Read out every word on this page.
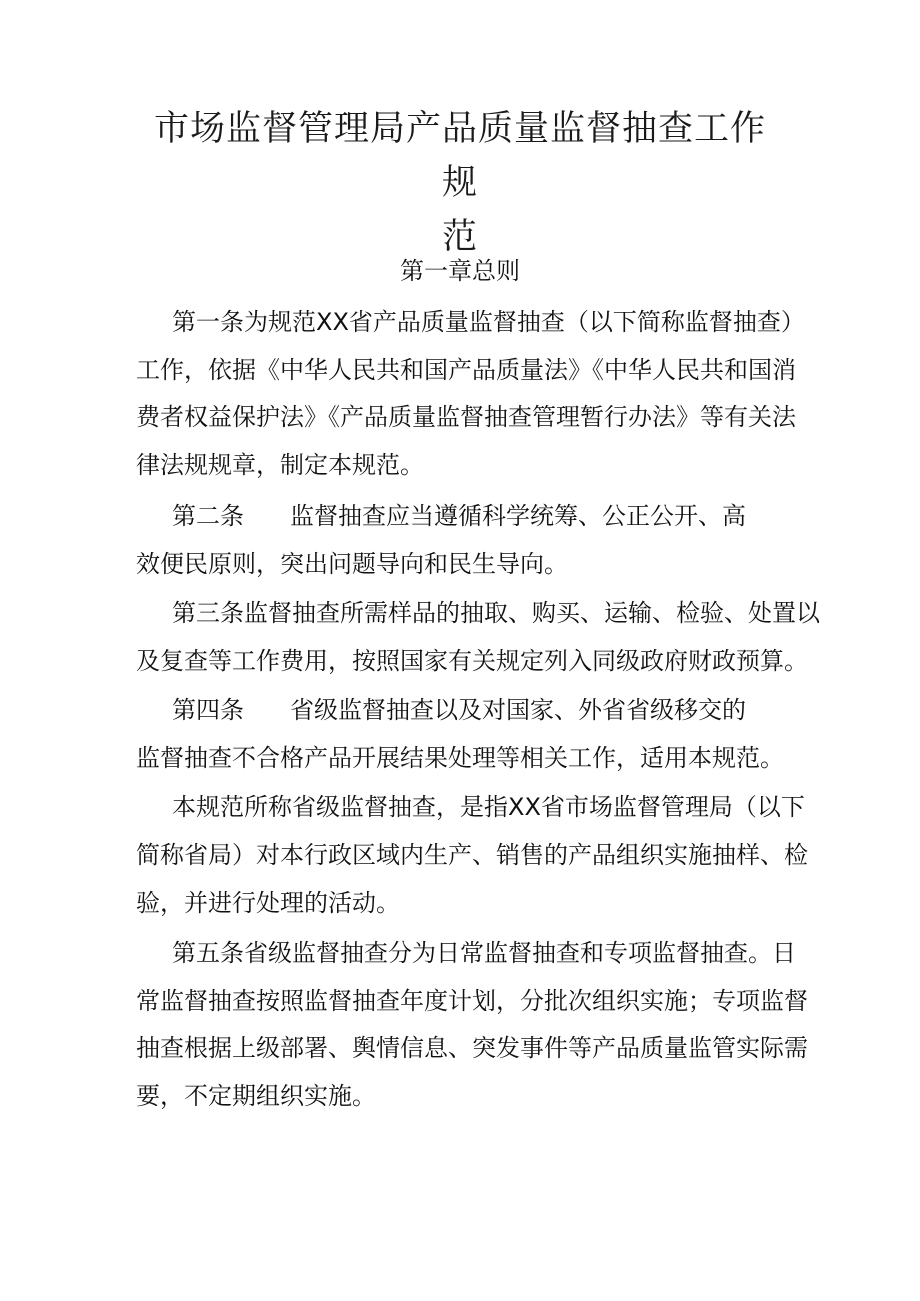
市场监督管理局产品质量监督抽查工作规
范

第一章总则

第一条为规范XX省产品质量监督抽查（以下简称监督抽查）

工作，依据《中华人民共和国产品质量法》《中华人民共和国消

费者权益保护法》《产品质量监督抽查管理暂行办法》等有关法

律法规规章，制定本规范。

第二条 监督抽查应当遵循科学统筹、公正公开、高

效便民原则，突出问题导向和民生导向。

第三条监督抽查所需样品的抽取、购买、运输、检验、处置以

及复查等工作费用，按照国家有关规定列入同级政府财政预算。

第四条 省级监督抽查以及对国家、外省省级移交的

监督抽查不合格产品开展结果处理等相关工作，适用本规范。

本规范所称省级监督抽查，是指XX省市场监督管理局（以下

简称省局）对本行政区域内生产、销售的产品组织实施抽样、检

验，并进行处理的活动。

第五条省级监督抽查分为日常监督抽查和专项监督抽查。日

常监督抽查按照监督抽查年度计划，分批次组织实施；专项监督

抽查根据上级部署、舆情信息、突发事件等产品质量监管实际需

要，不定期组织实施。
